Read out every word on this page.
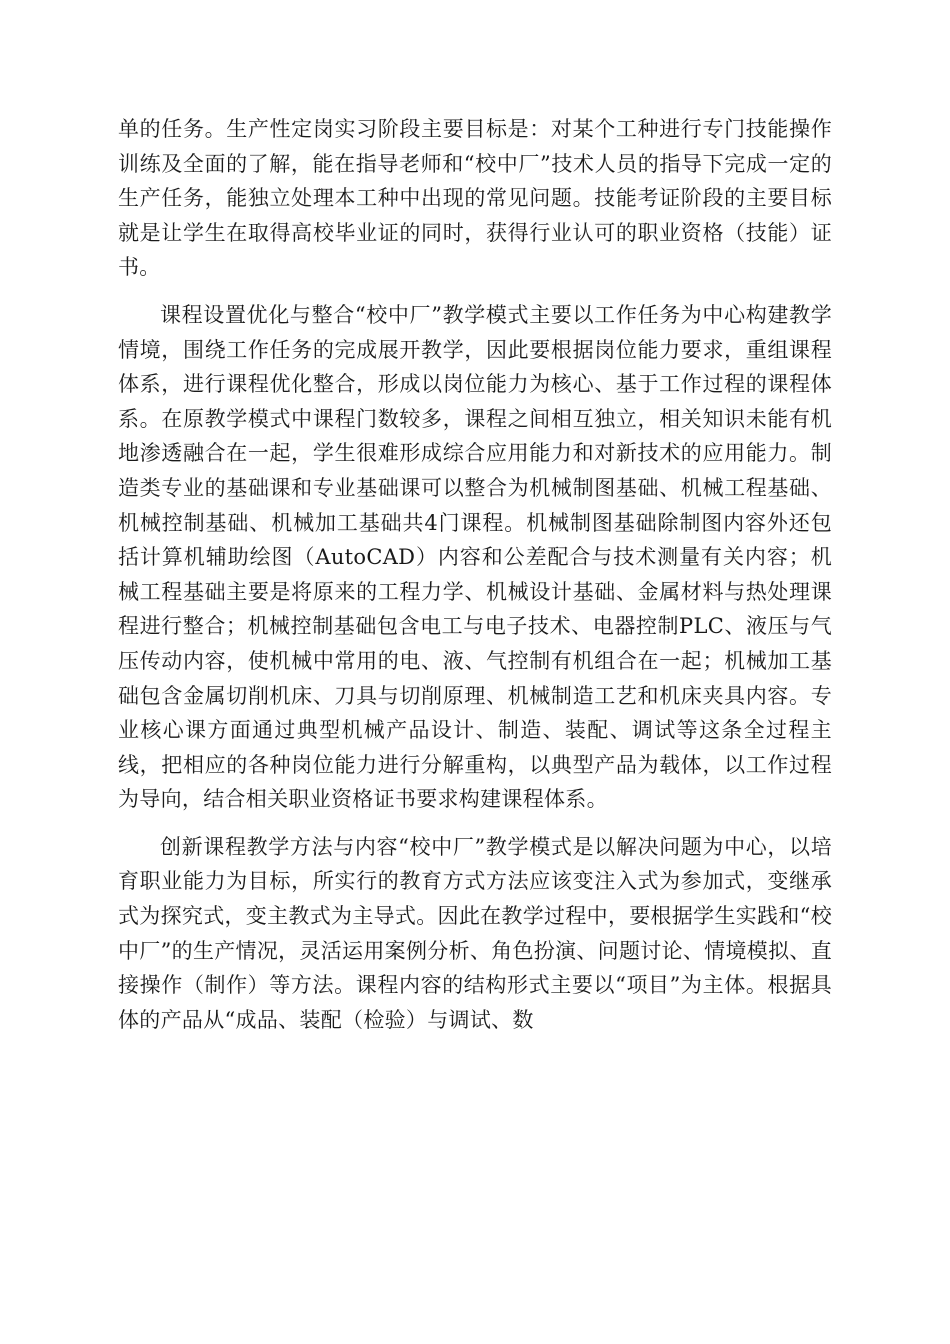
单的任务。生产性定岗实习阶段主要目标是：对某个工种进行专门技能操作训练及全面的了解，能在指导老师和“校中厂”技术人员的指导下完成一定的生产任务，能独立处理本工种中出现的常见问题。技能考证阶段的主要目标就是让学生在取得高校毕业证的同时，获得行业认可的职业资格（技能）证书。

课程设置优化与整合“校中厂”教学模式主要以工作任务为中心构建教学情境，围绕工作任务的完成展开教学，因此要根据岗位能力要求，重组课程体系，进行课程优化整合，形成以岗位能力为核心、基于工作过程的课程体系。在原教学模式中课程门数较多，课程之间相互独立，相关知识未能有机地渗透融合在一起，学生很难形成综合应用能力和对新技术的应用能力。制造类专业的基础课和专业基础课可以整合为机械制图基础、机械工程基础、机械控制基础、机械加工基础共4门课程。机械制图基础除制图内容外还包括计算机辅助绘图（AutoCAD）内容和公差配合与技术测量有关内容；机械工程基础主要是将原来的工程力学、机械设计基础、金属材料与热处理课程进行整合；机械控制基础包含电工与电子技术、电器控制PLC、液压与气压传动内容，使机械中常用的电、液、气控制有机组合在一起；机械加工基础包含金属切削机床、刀具与切削原理、机械制造工艺和机床夹具内容。专业核心课方面通过典型机械产品设计、制造、装配、调试等这条全过程主线，把相应的各种岗位能力进行分解重构，以典型产品为载体，以工作过程为导向，结合相关职业资格证书要求构建课程体系。

创新课程教学方法与内容“校中厂”教学模式是以解决问题为中心，以培育职业能力为目标，所实行的教育方式方法应该变注入式为参加式，变继承式为探究式，变主教式为主导式。因此在教学过程中，要根据学生实践和“校中厂”的生产情况，灵活运用案例分析、角色扮演、问题讨论、情境模拟、直接操作（制作）等方法。课程内容的结构形式主要以“项目”为主体。根据具体的产品从“成品、装配（检验）与调试、数
